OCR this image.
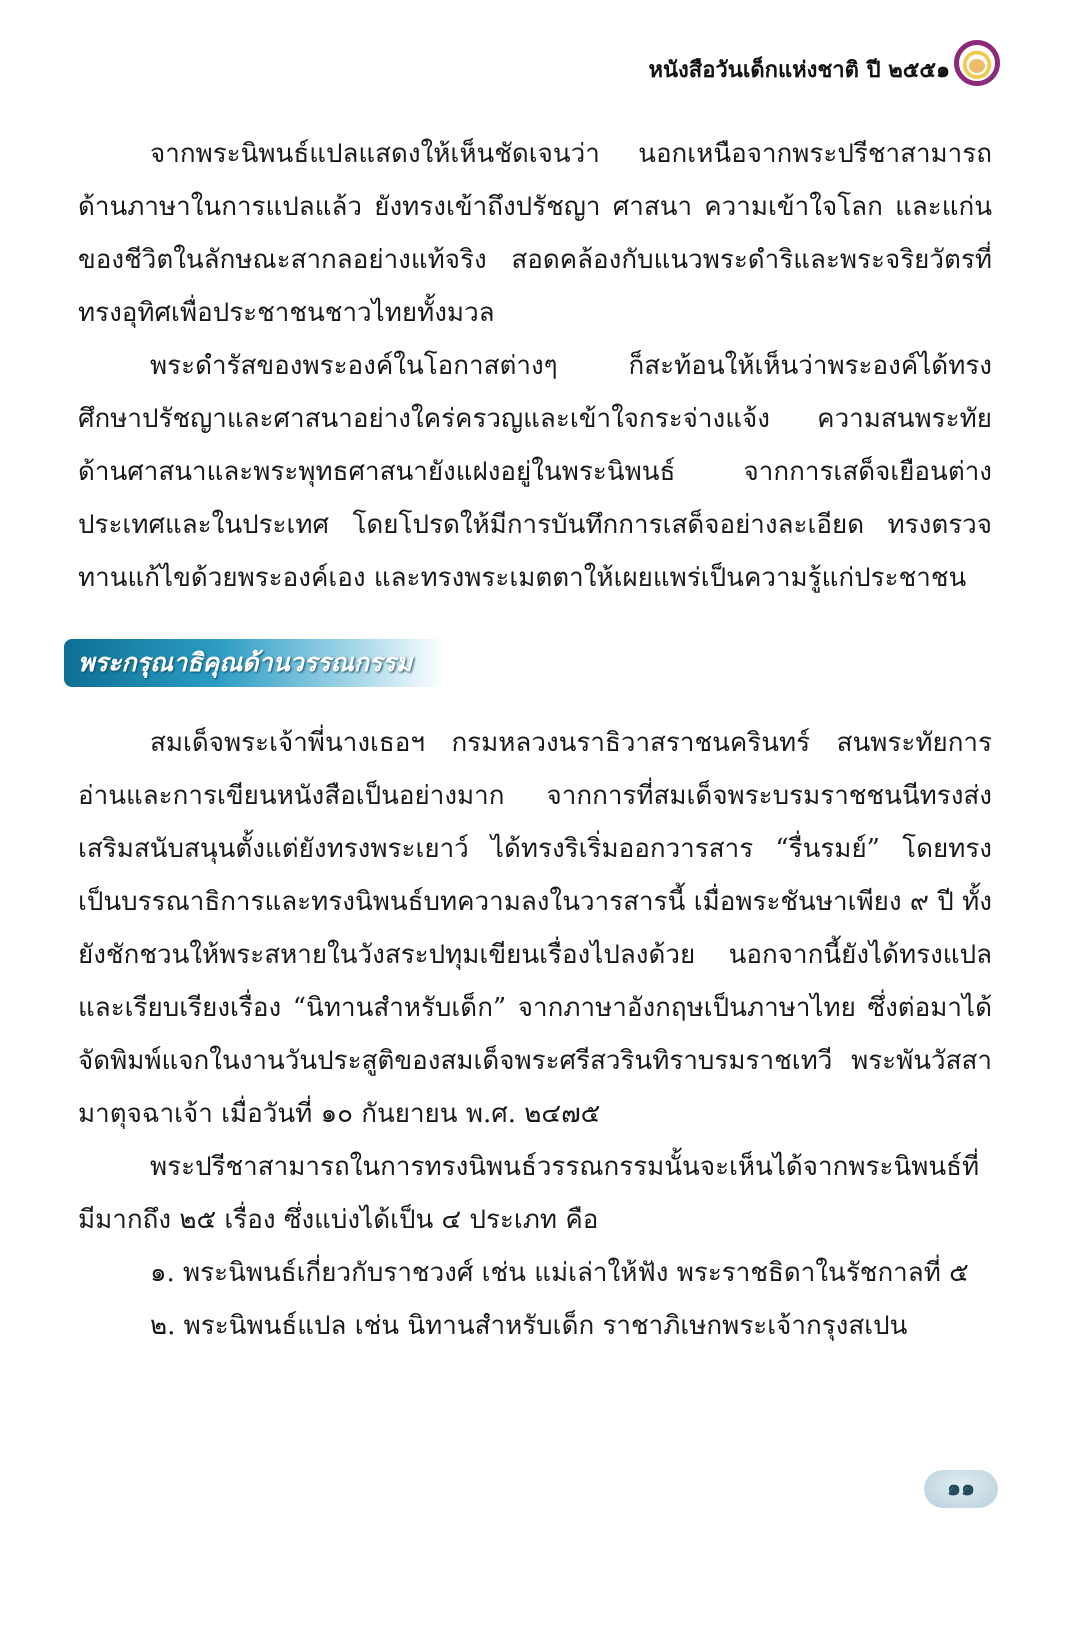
หนังสือวันเด็กแห่งชาติ ปี ๒๕๕๑

จากพระนิพนธ์แปลแสดงให้เห็นชัดเจนว่า นอกเหนือจากพระปรีชาสามารถด้านภาษาในการแปลแล้ว ยังทรงเข้าถึงปรัชญา ศาสนา ความเข้าใจโลก และแก่นของชีวิตในลักษณะสากลอย่างแท้จริง สอดคล้องกับแนวพระดำริและพระจริยวัตรที่ทรงอุทิศเพื่อประชาชนชาวไทยทั้งมวล

พระดำรัสของพระองค์ในโอกาสต่างๆ ก็สะท้อนให้เห็นว่าพระองค์ได้ทรงศึกษาปรัชญาและศาสนาอย่างใคร่ครวญและเข้าใจกระจ่างแจ้ง ความสนพระทัยด้านศาสนาและพระพุทธศาสนายังแฝงอยู่ในพระนิพนธ์ จากการเสด็จเยือนต่างประเทศและในประเทศ โดยโปรดให้มีการบันทึกการเสด็จอย่างละเอียด ทรงตรวจทานแก้ไขด้วยพระองค์เอง และทรงพระเมตตาให้เผยแพร่เป็นความรู้แก่ประชาชน

พระกรุณาธิคุณด้านวรรณกรรม

สมเด็จพระเจ้าพี่นางเธอฯ กรมหลวงนราธิวาสราชนครินทร์ สนพระทัยการอ่านและการเขียนหนังสือเป็นอย่างมาก จากการที่สมเด็จพระบรมราชชนนีทรงส่งเสริมสนับสนุนตั้งแต่ยังทรงพระเยาว์ ได้ทรงริเริ่มออกวารสาร “รื่นรมย์” โดยทรงเป็นบรรณาธิการและทรงนิพนธ์บทความลงในวารสารนี้ เมื่อพระชันษาเพียง ๙ ปี ทั้งยังชักชวนให้พระสหายในวังสระปทุมเขียนเรื่องไปลงด้วย นอกจากนี้ยังได้ทรงแปลและเรียบเรียงเรื่อง “นิทานสำหรับเด็ก” จากภาษาอังกฤษเป็นภาษาไทย ซึ่งต่อมาได้จัดพิมพ์แจกในงานวันประสูติของสมเด็จพระศรีสวรินทิราบรมราชเทวี พระพันวัสสามาตุจฉาเจ้า เมื่อวันที่ ๑๐ กันยายน พ.ศ. ๒๔๗๕

พระปรีชาสามารถในการทรงนิพนธ์วรรณกรรมนั้นจะเห็นได้จากพระนิพนธ์ที่มีมากถึง ๒๕ เรื่อง ซึ่งแบ่งได้เป็น ๔ ประเภท คือ

๑. พระนิพนธ์เกี่ยวกับราชวงศ์ เช่น แม่เล่าให้ฟัง พระราชธิดาในรัชกาลที่ ๕

๒. พระนิพนธ์แปล เช่น นิทานสำหรับเด็ก ราชาภิเษกพระเจ้ากรุงสเปน

๑๑
